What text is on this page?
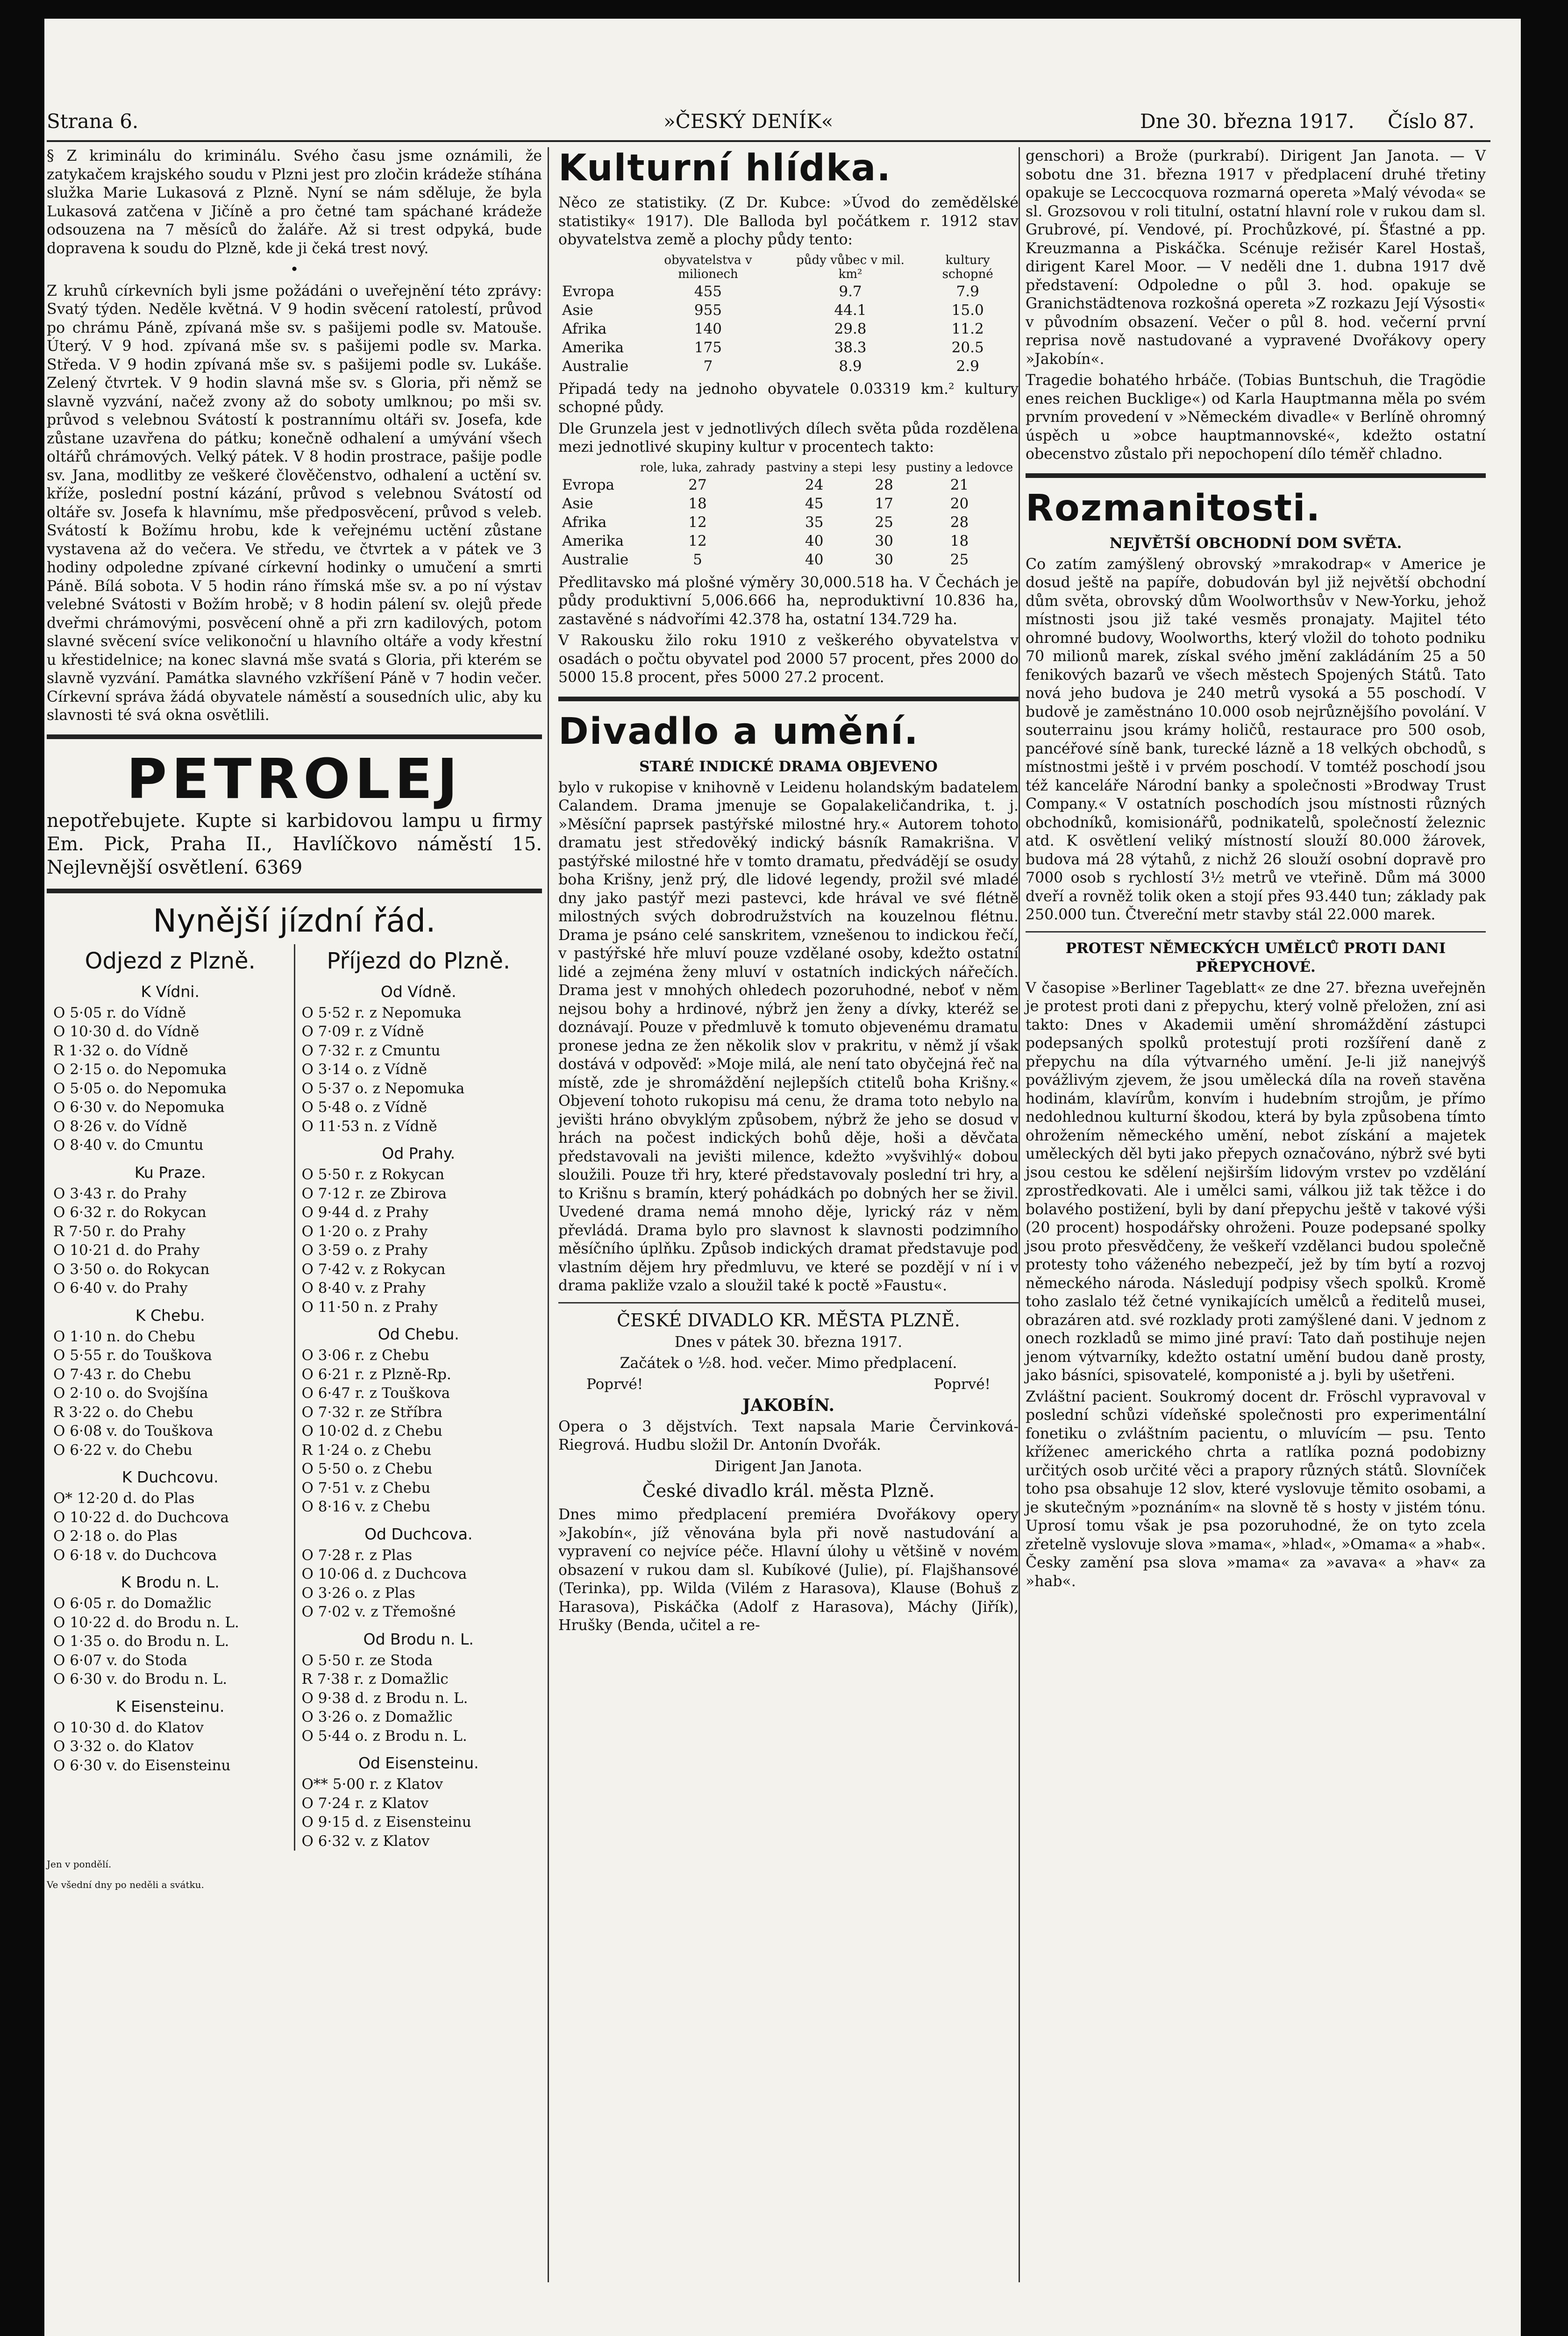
Strana 6.	»ČESKÝ DENÍK«	Dne 30. března 1917. Číslo 87.

§ Z kriminálu do kriminálu. Svého času jsme oznámili, že zatykačem krajského soudu v Plzni jest pro zločin krádeže stíhána služka Marie Lukasová z Plzně. Nyní se nám sděluje, že byla Lukasová zatčena v Jičíně a pro četné tam spáchané krádeže odsouzena na 7 měsíců do žaláře. Až si trest odpyká, bude dopravena k soudu do Plzně, kde ji čeká trest nový.

•

Z kruhů církevních byli jsme požádáni o uveřejnění této zprávy: Svatý týden. Neděle květná. V 9 hodin svěcení ratolestí, průvod po chrámu Páně, zpívaná mše sv. s pašijemi podle sv. Matouše. Úterý. V 9 hod. zpívaná mše sv. s pašijemi podle sv. Marka. Středa. V 9 hodin zpívaná mše sv. s pašijemi podle sv. Lukáše. Zelený čtvrtek. V 9 hodin slavná mše sv. s Gloria, při němž se slavně vyzvání, načež zvony až do soboty umlknou; po mši sv. průvod s velebnou Svátostí k postrannímu oltáři sv. Josefa, kde zůstane uzavřena do pátku; konečně odhalení a umývání všech oltářů chrámových. Velký pátek. V 8 hodin prostrace, pašije podle sv. Jana, modlitby ze veškeré člověčenstvo, odhalení a uctění sv. kříže, poslední postní kázání, průvod s velebnou Svátostí od oltáře sv. Josefa k hlavnímu, mše předposvěcení, průvod s veleb. Svátostí k Božímu hrobu, kde k veřejnému uctění zůstane vystavena až do večera. Ve středu, ve čtvrtek a v pátek ve 3 hodiny odpoledne zpívané církevní hodinky o umučení a smrti Páně. Bílá sobota. V 5 hodin ráno římská mše sv. a po ní výstav velebné Svátosti v Božím hrobě; v 8 hodin pálení sv. olejů přede dveřmi chrámovými, posvěcení ohně a při zrn kadilových, potom slavné svěcení svíce velikonoční u hlavního oltáře a vody křestní u křestidelnice; na konec slavná mše svatá s Gloria, při kterém se slavně vyzvání. Památka slavného vzkříšení Páně v 7 hodin večer. Církevní správa žádá obyvatele náměstí a sousedních ulic, aby ku slavnosti té svá okna osvětlili.

PETROLEJ

nepotřebujete. Kupte si karbidovou lampu u firmy Em. Pick, Praha II., Havlíčkovo náměstí 15. Nejlevnější osvětlení. 6369

Nynější jízdní řád.
Odjezd z Plzně.
K Vídni.
O 5·05 r. do Vídně
O 10·30 d. do Vídně
R 1·32 o. do Vídně
O 2·15 o. do Nepomuka
O 5·05 o. do Nepomuka
O 6·30 v. do Nepomuka
O 8·26 v. do Vídně
O 8·40 v. do Cmuntu
Ku Praze.
O 3·43 r. do Prahy
O 6·32 r. do Rokycan
R 7·50 r. do Prahy
O 10·21 d. do Prahy
O 3·50 o. do Rokycan
O 6·40 v. do Prahy
K Chebu.
O 1·10 n. do Chebu
O 5·55 r. do Touškova
O 7·43 r. do Chebu
O 2·10 o. do Svojšína
R 3·22 o. do Chebu
O 6·08 v. do Touškova
O 6·22 v. do Chebu
K Duchcovu.
O* 12·20 d. do Plas
O 10·22 d. do Duchcova
O 2·18 o. do Plas
O 6·18 v. do Duchcova
K Brodu n. L.
O 6·05 r. do Domažlic
O 10·22 d. do Brodu n. L.
O 1·35 o. do Brodu n. L.
O 6·07 v. do Stoda
O 6·30 v. do Brodu n. L.
K Eisensteinu.
O 10·30 d. do Klatov
O 3·32 o. do Klatov
O 6·30 v. do Eisensteinu
Příjezd do Plzně.
Od Vídně.
O 5·52 r. z Nepomuka
O 7·09 r. z Vídně
O 7·32 r. z Cmuntu
O 3·14 o. z Vídně
O 5·37 o. z Nepomuka
O 5·48 o. z Vídně
O 11·53 n. z Vídně
Od Prahy.
O 5·50 r. z Rokycan
O 7·12 r. ze Zbirova
O 9·44 d. z Prahy
O 1·20 o. z Prahy
O 3·59 o. z Prahy
O 7·42 v. z Rokycan
O 8·40 v. z Prahy
O 11·50 n. z Prahy
Od Chebu.
O 3·06 r. z Chebu
O 6·21 r. z Plzně-Rp.
O 6·47 r. z Touškova
O 7·32 r. ze Stříbra
O 10·02 d. z Chebu
R 1·24 o. z Chebu
O 5·50 o. z Chebu
O 7·51 v. z Chebu
O 8·16 v. z Chebu
Od Duchcova.
O 7·28 r. z Plas
O 10·06 d. z Duchcova
O 3·26 o. z Plas
O 7·02 v. z Třemošné
Od Brodu n. L.
O 5·50 r. ze Stoda
R 7·38 r. z Domažlic
O 9·38 d. z Brodu n. L.
O 3·26 o. z Domažlic
O 5·44 o. z Brodu n. L.
Od Eisensteinu.
O** 5·00 r. z Klatov
O 7·24 r. z Klatov
O 9·15 d. z Eisensteinu
O 6·32 v. z Klatov
Jen v pondělí.
Ve všední dny po neděli a svátku.
Kulturní hlídka.

Něco ze statistiky. (Z Dr. Kubce: »Úvod do zemědělské statistiky« 1917). Dle Balloda byl počátkem r. 1912 stav obyvatelstva země a plochy půdy tento:

	obyvatelstva v milionech	půdy vůbec v mil. km²	kultury schopné
Evropa	455	9.7	7.9
Asie	955	44.1	15.0
Afrika	140	29.8	11.2
Amerika	175	38.3	20.5
Australie	7	8.9	2.9

Připadá tedy na jednoho obyvatele 0.03319 km.² kultury schopné půdy.

Dle Grunzela jest v jednotlivých dílech světa půda rozdělena mezi jednotlivé skupiny kultur v procentech takto:

	role, luka, zahrady	pastviny a stepi	lesy	pustiny a ledovce
Evropa	27	24	28	21
Asie	18	45	17	20
Afrika	12	35	25	28
Amerika	12	40	30	18
Australie	5	40	30	25

Předlitavsko má plošné výměry 30,000.518 ha. V Čechách je půdy produktivní 5,006.666 ha, neproduktivní 10.836 ha, zastavěné s nádvořími 42.378 ha, ostatní 134.729 ha.

V Rakousku žilo roku 1910 z veškerého obyvatelstva v osadách o počtu obyvatel pod 2000 57 procent, přes 2000 do 5000 15.8 procent, přes 5000 27.2 procent.

Divadlo a umění.
STARÉ INDICKÉ DRAMA OBJEVENO

bylo v rukopise v knihovně v Leidenu holandským badatelem Calandem. Drama jmenuje se Gopalakeličandrika, t. j. »Měsíční paprsek pastýřské milostné hry.« Autorem tohoto dramatu jest středověký indický básník Ramakrišna. V pastýřské milostné hře v tomto dramatu, předvádějí se osudy boha Krišny, jenž prý, dle lidové legendy, prožil své mladé dny jako pastýř mezi pastevci, kde hrával ve své flétně milostných svých dobrodružstvích na kouzelnou flétnu. Drama je psáno celé sanskritem, vznešenou to indickou řečí, v pastýřské hře mluví pouze vzdělané osoby, kdežto ostatní lidé a zejména ženy mluví v ostatních indických nářečích. Drama jest v mnohých ohledech pozoruhodné, neboť v něm nejsou bohy a hrdinové, nýbrž jen ženy a dívky, kteréž se doznávají. Pouze v předmluvě k tomuto objevenému dramatu pronese jedna ze žen několik slov v prakritu, v němž jí však dostává v odpověď: »Moje milá, ale není tato obyčejná řeč na místě, zde je shromáždění nejlepších ctitelů boha Krišny.« Objevení tohoto rukopisu má cenu, že drama toto nebylo na jevišti hráno obvyklým způsobem, nýbrž že jeho se dosud v hrách na počest indických bohů děje, hoši a děvčata představovali na jevišti milence, kdežto »vyšvihlý« dobou sloužili. Pouze tři hry, které představovaly poslední tri hry, a to Krišnu s bramín, který pohádkách po dobných her se živil. Uvedené drama nemá mnoho děje, lyrický ráz v něm převládá. Drama bylo pro slavnost k slavnosti podzimního měsíčního úplňku. Způsob indických dramat představuje pod vlastním dějem hry předmluvu, ve které se pozdějí v ní i v drama pakliže vzalo a sloužil také k poctě »Faustu«.

ČESKÉ DIVADLO KR. MĚSTA PLZNĚ.

Dnes v pátek 30. března 1917.

Začátek o ½8. hod. večer. Mimo předplacení.

Poprvé!	Poprvé!
JAKOBÍN.

Opera o 3 dějstvích. Text napsala Marie Červinková-Riegrová. Hudbu složil Dr. Antonín Dvořák.

Dirigent Jan Janota.

České divadlo král. města Plzně.

Dnes mimo předplacení premiéra Dvořákovy opery »Jakobín«, jíž věnována byla při nově nastudování a vypravení co nejvíce péče. Hlavní úlohy u většině v novém obsazení v rukou dam sl. Kubíkové (Julie), pí. Flajšhansové (Terinka), pp. Wilda (Vilém z Harasova), Klause (Bohuš z Harasova), Piskáčka (Adolf z Harasova), Máchy (Jiřík), Hrušky (Benda, učitel a re-

genschori) a Brože (purkrabí). Dirigent Jan Janota. — V sobotu dne 31. března 1917 v předplacení druhé třetiny opakuje se Leccocquova rozmarná opereta »Malý vévoda« se sl. Grozsovou v roli titulní, ostatní hlavní role v rukou dam sl. Grubrové, pí. Vendové, pí. Prochůzkové, pí. Šťastné a pp. Kreuzmanna a Piskáčka. Scénuje režisér Karel Hostaš, dirigent Karel Moor. — V neděli dne 1. dubna 1917 dvě představení: Odpoledne o půl 3. hod. opakuje se Granichstädtenova rozkošná opereta »Z rozkazu Její Výsosti« v původním obsazení. Večer o půl 8. hod. večerní první reprisa nově nastudované a vypravené Dvořákovy opery »Jakobín«.

Tragedie bohatého hrbáče. (Tobias Buntschuh, die Tragödie enes reichen Bucklige«) od Karla Hauptmanna měla po svém prvním provedení v »Německém divadle« v Berlíně ohromný úspěch u »obce hauptmannovské«, kdežto ostatní obecenstvo zůstalo při nepochopení dílo téměř chladno.

Rozmanitosti.
NEJVĚTŠÍ OBCHODNÍ DOM SVĚTA.

Co zatím zamýšlený obrovský »mrakodrap« v Americe je dosud ještě na papíře, dobudován byl již největší obchodní dům světa, obrovský dům Woolworthsův v New-Yorku, jehož místnosti jsou již také vesměs pronajaty. Majitel této ohromné budovy, Woolworths, který vložil do tohoto podniku 70 milionů marek, získal svého jmění zakládáním 25 a 50 fenikových bazarů ve všech městech Spojených Států. Tato nová jeho budova je 240 metrů vysoká a 55 poschodí. V budově je zaměstnáno 10.000 osob nejrůznějšího povolání. V souterrainu jsou krámy holičů, restaurace pro 500 osob, pancéřové síně bank, turecké lázně a 18 velkých obchodů, s místnostmi ještě i v prvém poschodí. V tomtéž poschodí jsou též kanceláře Národní banky a společnosti »Brodway Trust Company.« V ostatních poschodích jsou místnosti různých obchodníků, komisionářů, podnikatelů, společností železnic atd. K osvětlení veliký místností slouží 80.000 žárovek, budova má 28 výtahů, z nichž 26 slouží osobní dopravě pro 7000 osob s rychlostí 3½ metrů ve vteřině. Dům má 3000 dveří a rovněž tolik oken a stojí přes 93.440 tun; základy pak 250.000 tun. Čtvereční metr stavby stál 22.000 marek.

PROTEST NĚMECKÝCH UMĚLCŮ PROTI DANI PŘEPYCHOVÉ.

V časopise »Berliner Tageblatt« ze dne 27. března uveřejněn je protest proti dani z přepychu, který volně přeložen, zní asi takto: Dnes v Akademii umění shromáždění zástupci podepsaných spolků protestují proti rozšíření daně z přepychu na díla výtvarného umění. Je-li již nanejvýš povážlivým zjevem, že jsou umělecká díla na roveň stavěna hodinám, klavírům, konvím i hudebním strojům, je přímo nedohlednou kulturní škodou, která by byla způsobena tímto ohrožením německého umění, nebot získání a majetek uměleckých děl byti jako přepych označováno, nýbrž své byti jsou cestou ke sdělení nejširším lidovým vrstev po vzdělání zprostředkovati. Ale i umělci sami, válkou již tak těžce i do bolavého postižení, byli by daní přepychu ještě v takové výši (20 procent) hospodářsky ohroženi. Pouze podepsané spolky jsou proto přesvědčeny, že veškeří vzdělanci budou společně protesty toho váženého nebezpečí, jež by tím bytí a rozvoj německého národa. Následují podpisy všech spolků. Kromě toho zaslalo též četné vynikajících umělců a ředitelů musei, obrazáren atd. své rozklady proti zamýšlené dani. V jednom z onech rozkladů se mimo jiné praví: Tato daň postihuje nejen jenom výtvarníky, kdežto ostatní umění budou daně prosty, jako básníci, spisovatelé, komponisté a j. byli by ušetřeni.

Zvláštní pacient. Soukromý docent dr. Fröschl vypravoval v poslední schůzi vídeňské společnosti pro experimentální fonetiku o zvláštním pacientu, o mluvícím — psu. Tento kříženec amerického chrta a ratlíka pozná podobizny určitých osob určité věci a prapory různých států. Slovníček toho psa obsahuje 12 slov, které vyslovuje těmito osobami, a je skutečným »poznáním« na slovně tě s hosty v jistém tónu. Uprosí tomu však je psa pozoruhodné, že on tyto zcela zřetelně vyslovuje slova »mama«, »hlad«, »Omama« a »hab«. Česky zamění psa slova »mama« za »avava« a »hav« za »hab«.
